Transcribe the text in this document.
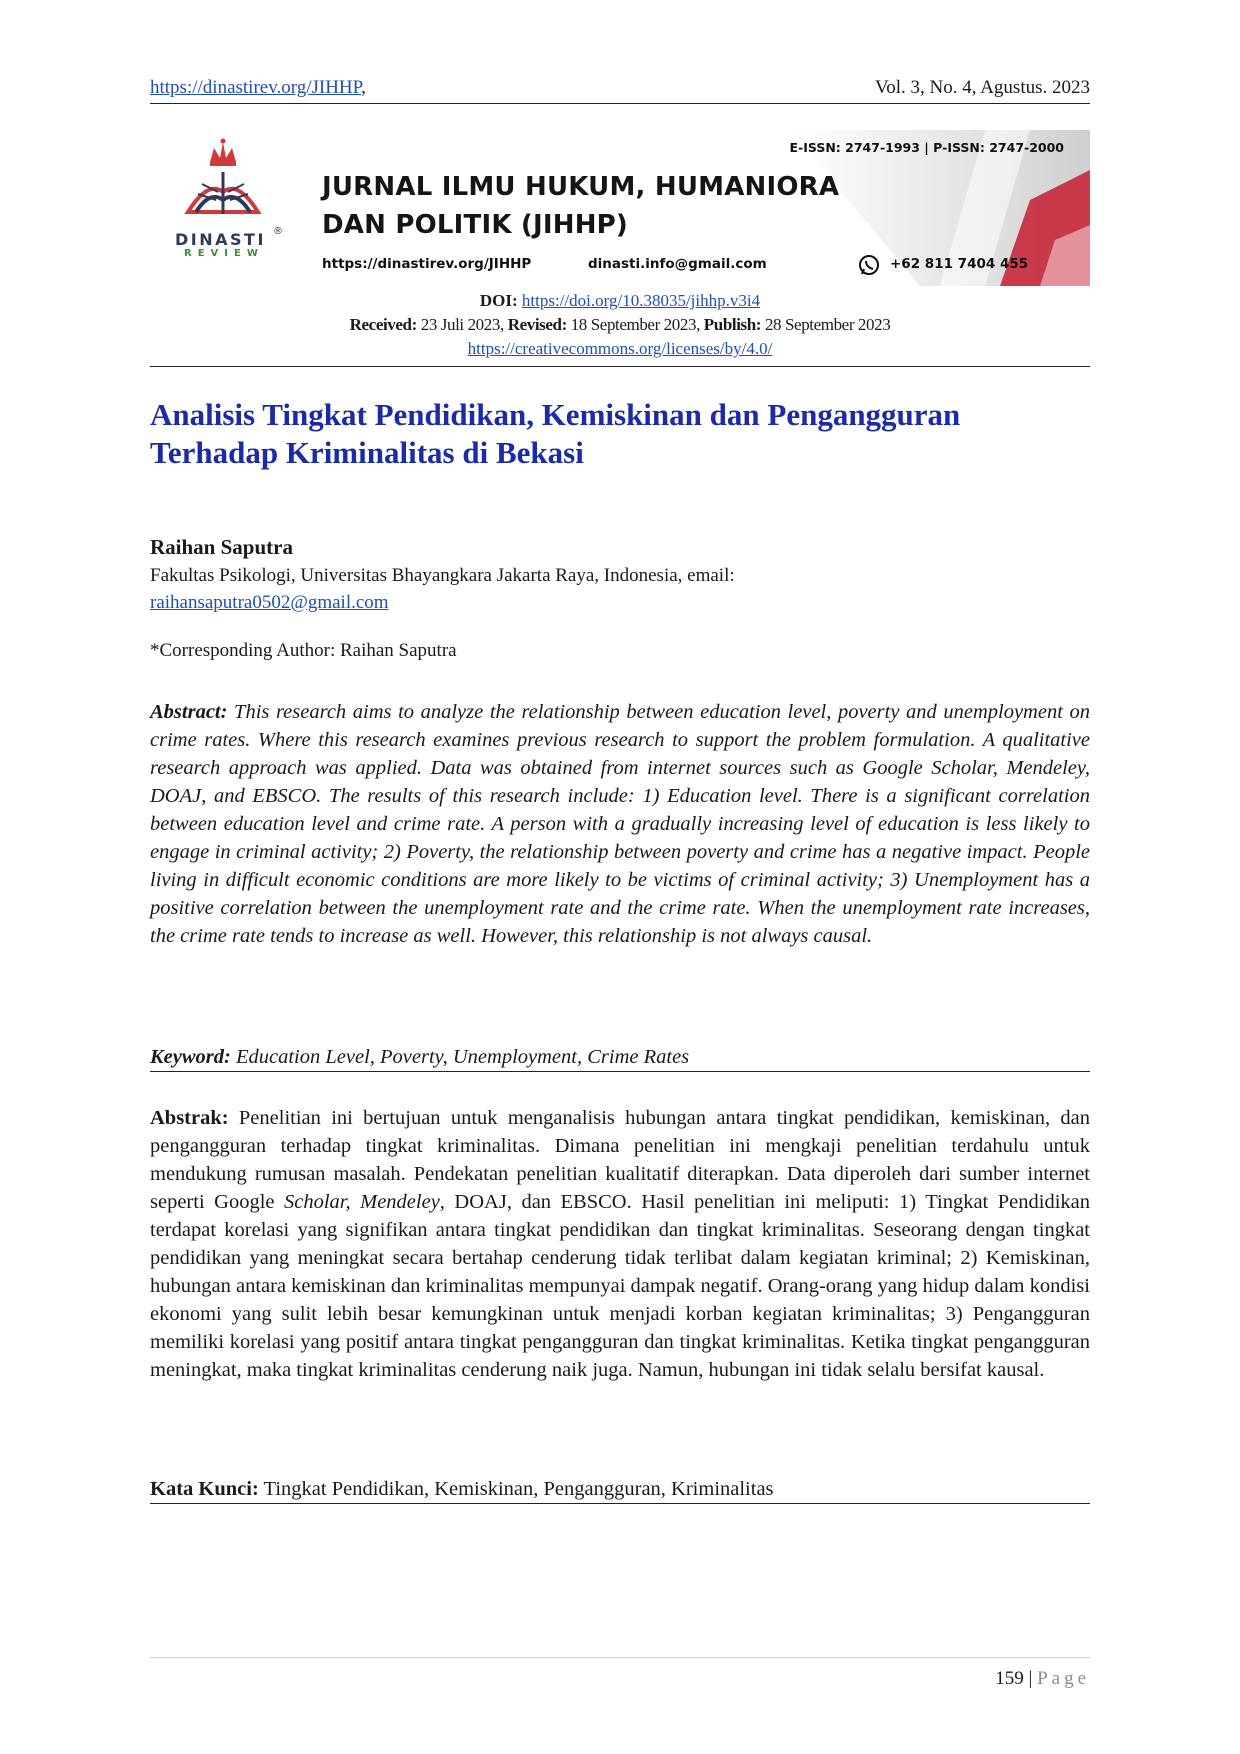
https://dinastirev.org/JIHHP,	Vol. 3, No. 4, Agustus. 2023
DINASTI ®
REVIEW
JURNAL ILMU HUKUM, HUMANIORA
DAN POLITIK (JIHHP)
E-ISSN: 2747-1993 | P-ISSN: 2747-2000
https://dinastirev.org/JIHHP	dinasti.info@gmail.com	+62 811 7404 455
DOI: https://doi.org/10.38035/jihhp.v3i4
Received: 23 Juli 2023, Revised: 18 September 2023, Publish: 28 September 2023
https://creativecommons.org/licenses/by/4.0/
Analisis Tingkat Pendidikan, Kemiskinan dan Pengangguran
Terhadap Kriminalitas di Bekasi
Raihan Saputra
Fakultas Psikologi, Universitas Bhayangkara Jakarta Raya, Indonesia, email:
raihansaputra0502@gmail.com
*Corresponding Author: Raihan Saputra
Abstract: This research aims to analyze the relationship between education level, poverty and unemployment on crime rates. Where this research examines previous research to support the problem formulation. A qualitative research approach was applied. Data was obtained from internet sources such as Google Scholar, Mendeley, DOAJ, and EBSCO. The results of this research include: 1) Education level. There is a significant correlation between education level and crime rate. A person with a gradually increasing level of education is less likely to engage in criminal activity; 2) Poverty, the relationship between poverty and crime has a negative impact. People living in difficult economic conditions are more likely to be victims of criminal activity; 3) Unemployment has a positive correlation between the unemployment rate and the crime rate. When the unemployment rate increases, the crime rate tends to increase as well. However, this relationship is not always causal.
Keyword: Education Level, Poverty, Unemployment, Crime Rates
Abstrak: Penelitian ini bertujuan untuk menganalisis hubungan antara tingkat pendidikan, kemiskinan, dan pengangguran terhadap tingkat kriminalitas. Dimana penelitian ini mengkaji penelitian terdahulu untuk mendukung rumusan masalah. Pendekatan penelitian kualitatif diterapkan. Data diperoleh dari sumber internet seperti Google Scholar, Mendeley, DOAJ, dan EBSCO. Hasil penelitian ini meliputi: 1) Tingkat Pendidikan terdapat korelasi yang signifikan antara tingkat pendidikan dan tingkat kriminalitas. Seseorang dengan tingkat pendidikan yang meningkat secara bertahap cenderung tidak terlibat dalam kegiatan kriminal; 2) Kemiskinan, hubungan antara kemiskinan dan kriminalitas mempunyai dampak negatif. Orang-orang yang hidup dalam kondisi ekonomi yang sulit lebih besar kemungkinan untuk menjadi korban kegiatan kriminalitas; 3) Pengangguran memiliki korelasi yang positif antara tingkat pengangguran dan tingkat kriminalitas. Ketika tingkat pengangguran meningkat, maka tingkat kriminalitas cenderung naik juga. Namun, hubungan ini tidak selalu bersifat kausal.
Kata Kunci: Tingkat Pendidikan, Kemiskinan, Pengangguran, Kriminalitas
159 | Page
